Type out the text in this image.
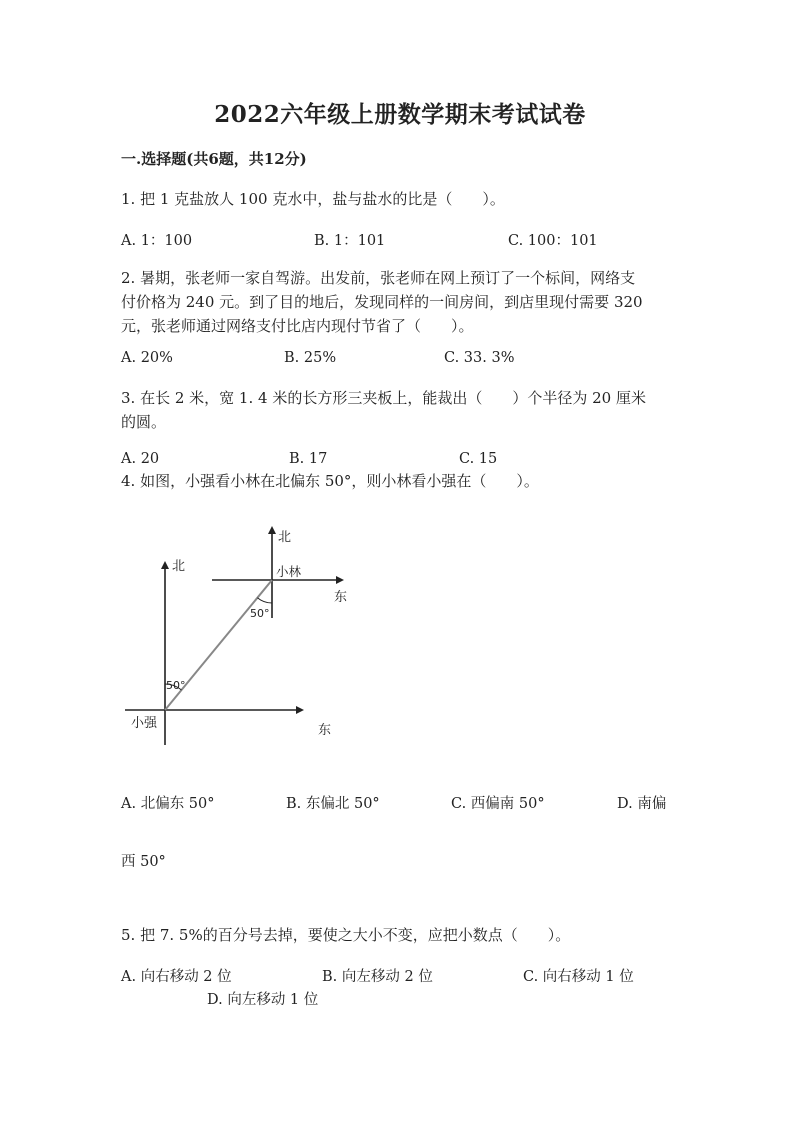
2022六年级上册数学期末考试试卷
一.选择题(共6题，共12分)
1. 把 1 克盐放人 100 克水中，盐与盐水的比是（　　）。
A. 1：100	B. 1：101	C. 100：101
2. 暑期，张老师一家自驾游。出发前，张老师在网上预订了一个标间，网络支
付价格为 240 元。到了目的地后，发现同样的一间房间，到店里现付需要 320
元，张老师通过网络支付比店内现付节省了（　　）。
A. 20%	B. 25%	C. 33. 3%
3. 在长 2 米，宽 1. 4 米的长方形三夹板上，能裁出（　　）个半径为 20 厘米
的圆。
A. 20	B. 17	C. 15
4. 如图，小强看小林在北偏东 50°，则小林看小强在（　　）。
北
北	小林
东
50°
50°
小强	东
A. 北偏东 50°	B. 东偏北 50°	C. 西偏南 50°	D. 南偏
西 50°
5. 把 7. 5%的百分号去掉，要使之大小不变，应把小数点（　　）。
A. 向右移动 2 位	B. 向左移动 2 位	C. 向右移动 1 位
D. 向左移动 1 位
